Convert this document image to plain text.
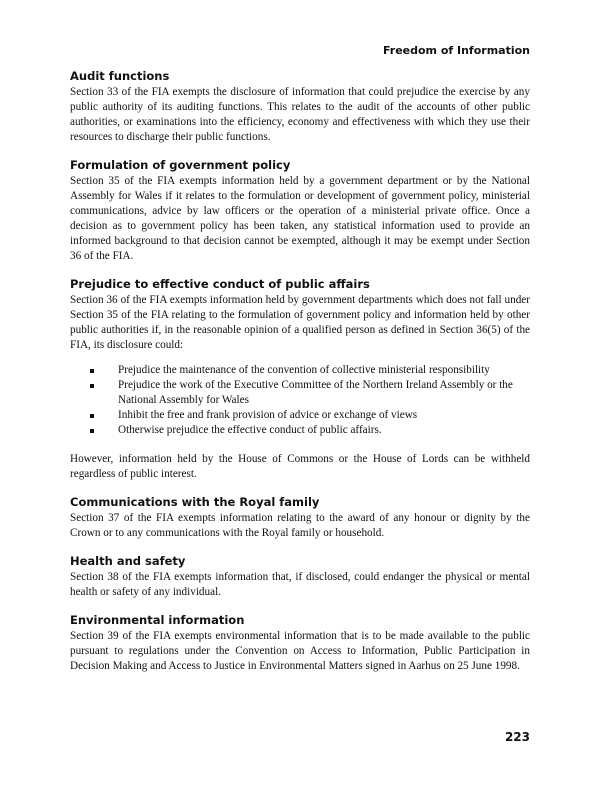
Freedom of Information
Audit functions

Section 33 of the FIA exempts the disclosure of information that could prejudice the exercise by any public authority of its auditing functions. This relates to the audit of the accounts of other public authorities, or examinations into the efficiency, economy and effectiveness with which they use their resources to discharge their public functions.

Formulation of government policy

Section 35 of the FIA exempts information held by a government department or by the National Assembly for Wales if it relates to the formulation or development of government policy, ministerial communications, advice by law officers or the operation of a ministerial private office. Once a decision as to government policy has been taken, any statistical information used to provide an informed background to that decision cannot be exempted, although it may be exempt under Section 36 of the FIA.

Prejudice to effective conduct of public affairs

Section 36 of the FIA exempts information held by government departments which does not fall under Section 35 of the FIA relating to the formulation of government policy and information held by other public authorities if, in the reasonable opinion of a qualified person as defined in Section 36(5) of the FIA, its disclosure could:

Prejudice the maintenance of the convention of collective ministerial responsibility
Prejudice the work of the Executive Committee of the Northern Ireland Assembly or the National Assembly for Wales
Inhibit the free and frank provision of advice or exchange of views
Otherwise prejudice the effective conduct of public affairs.

However, information held by the House of Commons or the House of Lords can be withheld regardless of public interest.

Communications with the Royal family

Section 37 of the FIA exempts information relating to the award of any honour or dignity by the Crown or to any communications with the Royal family or household.

Health and safety

Section 38 of the FIA exempts information that, if disclosed, could endanger the physical or mental health or safety of any individual.

Environmental information

Section 39 of the FIA exempts environmental information that is to be made available to the public pursuant to regulations under the Convention on Access to Information, Public Participation in Decision Making and Access to Justice in Environmental Matters signed in Aarhus on 25 June 1998.

223
